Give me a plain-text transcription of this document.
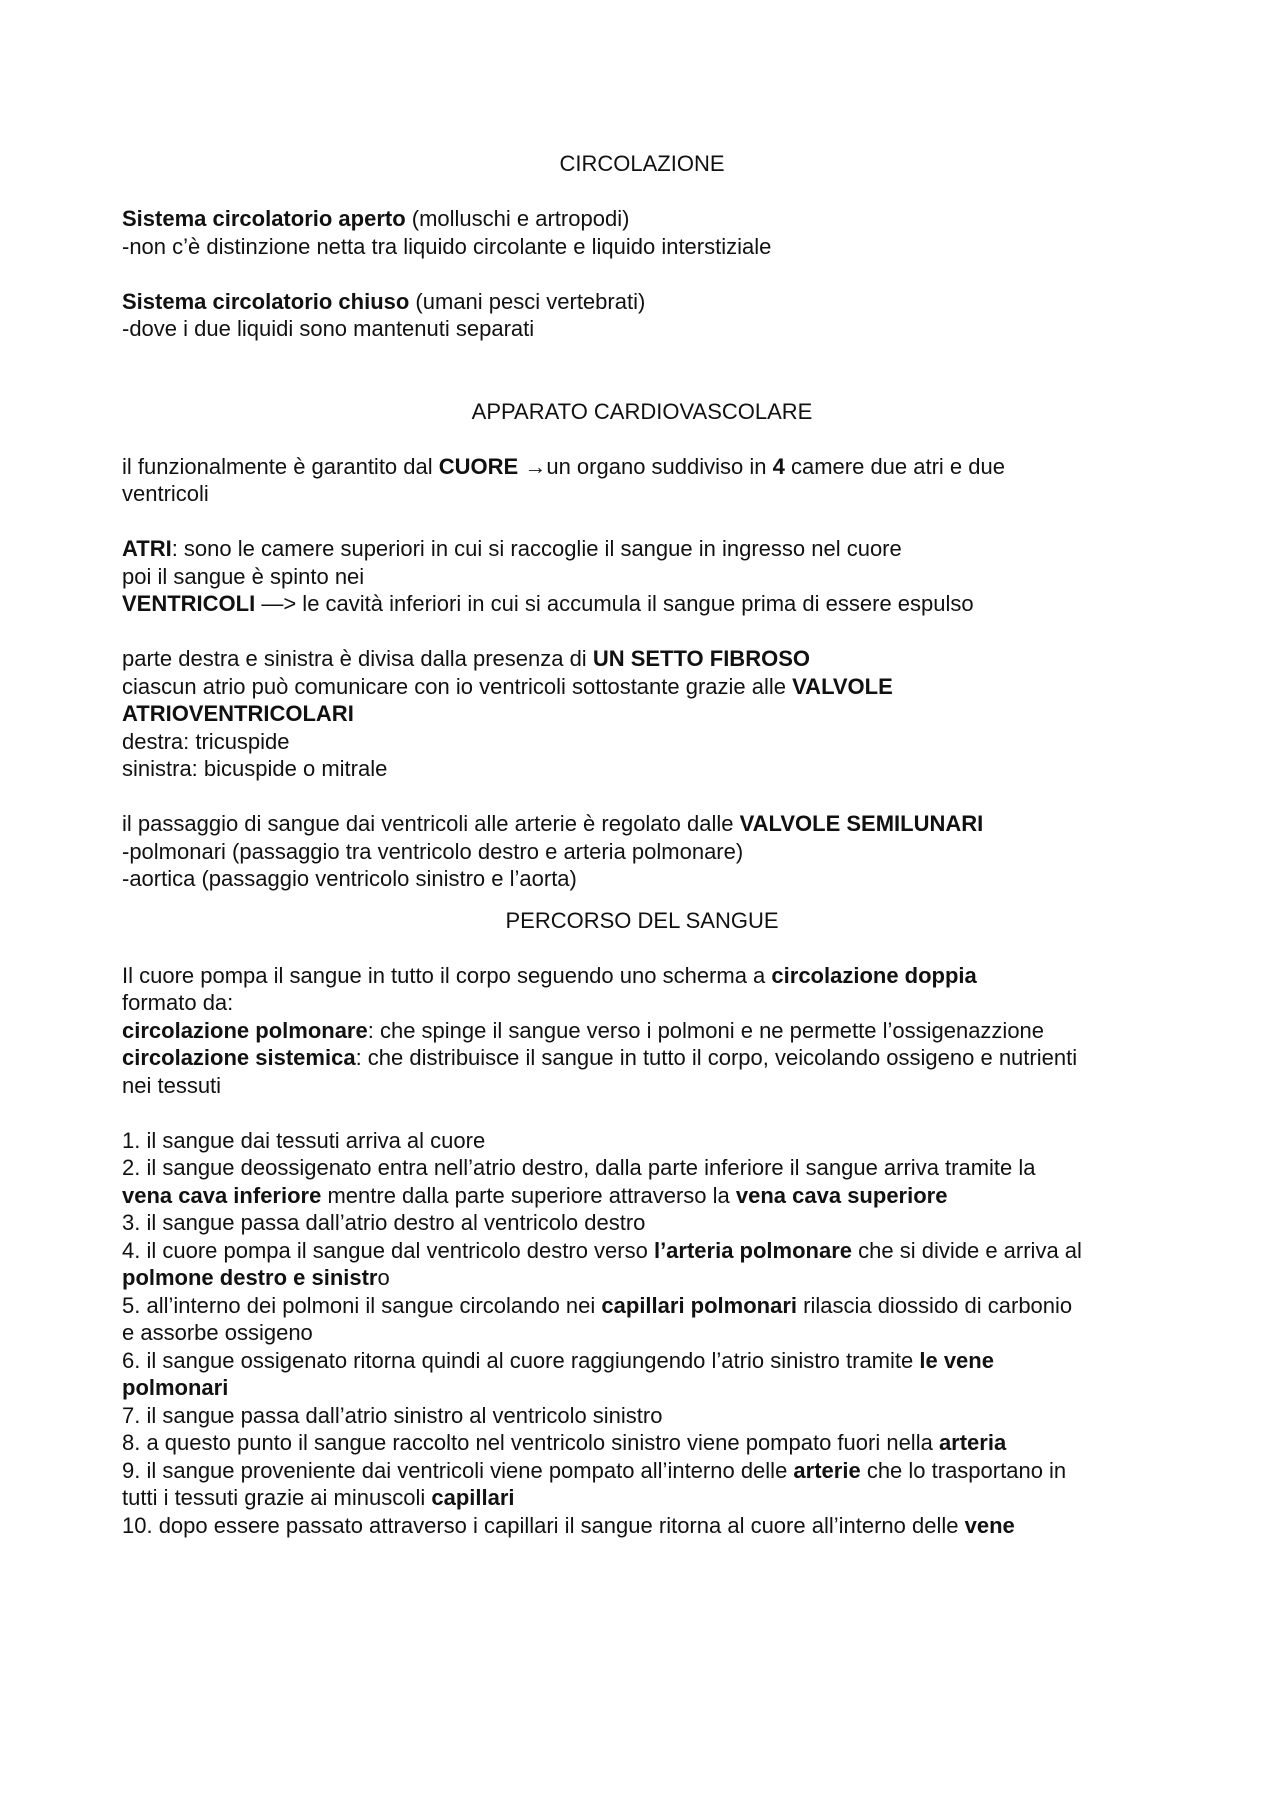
CIRCOLAZIONE

Sistema circolatorio aperto (molluschi e artropodi)

-non c’è distinzione netta tra liquido circolante e liquido interstiziale

Sistema circolatorio chiuso (umani pesci vertebrati)

-dove i due liquidi sono mantenuti separati

APPARATO CARDIOVASCOLARE

il funzionalmente è garantito dal CUORE →un organo suddiviso in 4 camere due atri e due

ventricoli

ATRI: sono le camere superiori in cui si raccoglie il sangue in ingresso nel cuore

poi il sangue è spinto nei

VENTRICOLI —> le cavità inferiori in cui si accumula il sangue prima di essere espulso

parte destra e sinistra è divisa dalla presenza di UN SETTO FIBROSO

ciascun atrio può comunicare con io ventricoli sottostante grazie alle VALVOLE

ATRIOVENTRICOLARI

destra: tricuspide

sinistra: bicuspide o mitrale

il passaggio di sangue dai ventricoli alle arterie è regolato dalle VALVOLE SEMILUNARI

-polmonari (passaggio tra ventricolo destro e arteria polmonare)

-aortica (passaggio ventricolo sinistro e l’aorta)

PERCORSO DEL SANGUE

Il cuore pompa il sangue in tutto il corpo seguendo uno scherma a circolazione doppia

formato da:

circolazione polmonare: che spinge il sangue verso i polmoni e ne permette l’ossigenazzione

circolazione sistemica: che distribuisce il sangue in tutto il corpo, veicolando ossigeno e nutrienti

nei tessuti

1. il sangue dai tessuti arriva al cuore

2. il sangue deossigenato entra nell’atrio destro, dalla parte inferiore il sangue arriva tramite la

vena cava inferiore mentre dalla parte superiore attraverso la vena cava superiore

3. il sangue passa dall’atrio destro al ventricolo destro

4. il cuore pompa il sangue dal ventricolo destro verso l’arteria polmonare che si divide e arriva al

polmone destro e sinistro

5. all’interno dei polmoni il sangue circolando nei capillari polmonari rilascia diossido di carbonio

e assorbe ossigeno

6. il sangue ossigenato ritorna quindi al cuore raggiungendo l’atrio sinistro tramite le vene

polmonari

7. il sangue passa dall’atrio sinistro al ventricolo sinistro

8. a questo punto il sangue raccolto nel ventricolo sinistro viene pompato fuori nella arteria

9. il sangue proveniente dai ventricoli viene pompato all’interno delle arterie che lo trasportano in

tutti i tessuti grazie ai minuscoli capillari

10. dopo essere passato attraverso i capillari il sangue ritorna al cuore all’interno delle vene
